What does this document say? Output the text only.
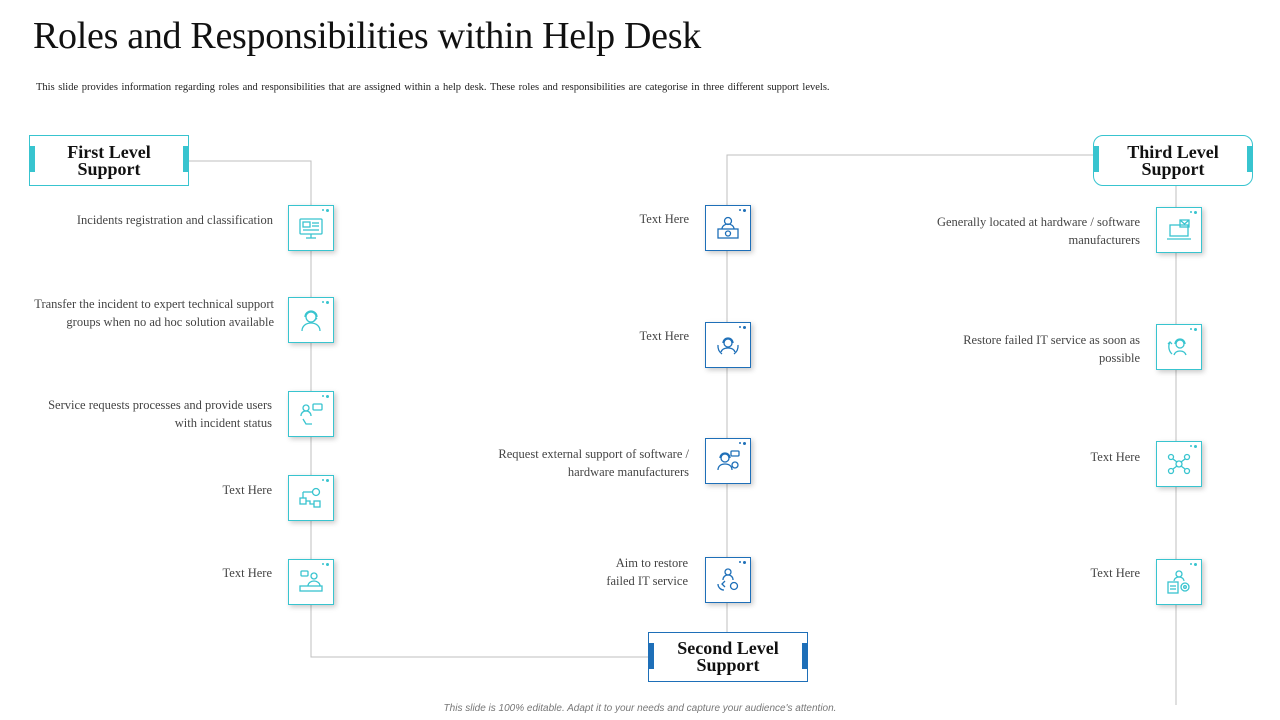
Roles and Responsibilities within Help Desk
This slide provides information regarding roles and responsibilities that are assigned within a help desk. These roles and responsibilities are categorise in three different support levels.
First Level
Support
Third Level
Support
Second Level
Support
Incidents registration and classification
Transfer the incident to expert technical support groups when no ad hoc solution available
Service requests processes and provide users with incident status
Text Here
Text Here
Text Here
Text Here
Request external support of software / hardware manufacturers
Aim to restore failed IT service
Generally located at hardware / software manufacturers
Restore failed IT service as soon as possible
Text Here
Text Here
This slide is 100% editable. Adapt it to your needs and capture your audience's attention.
